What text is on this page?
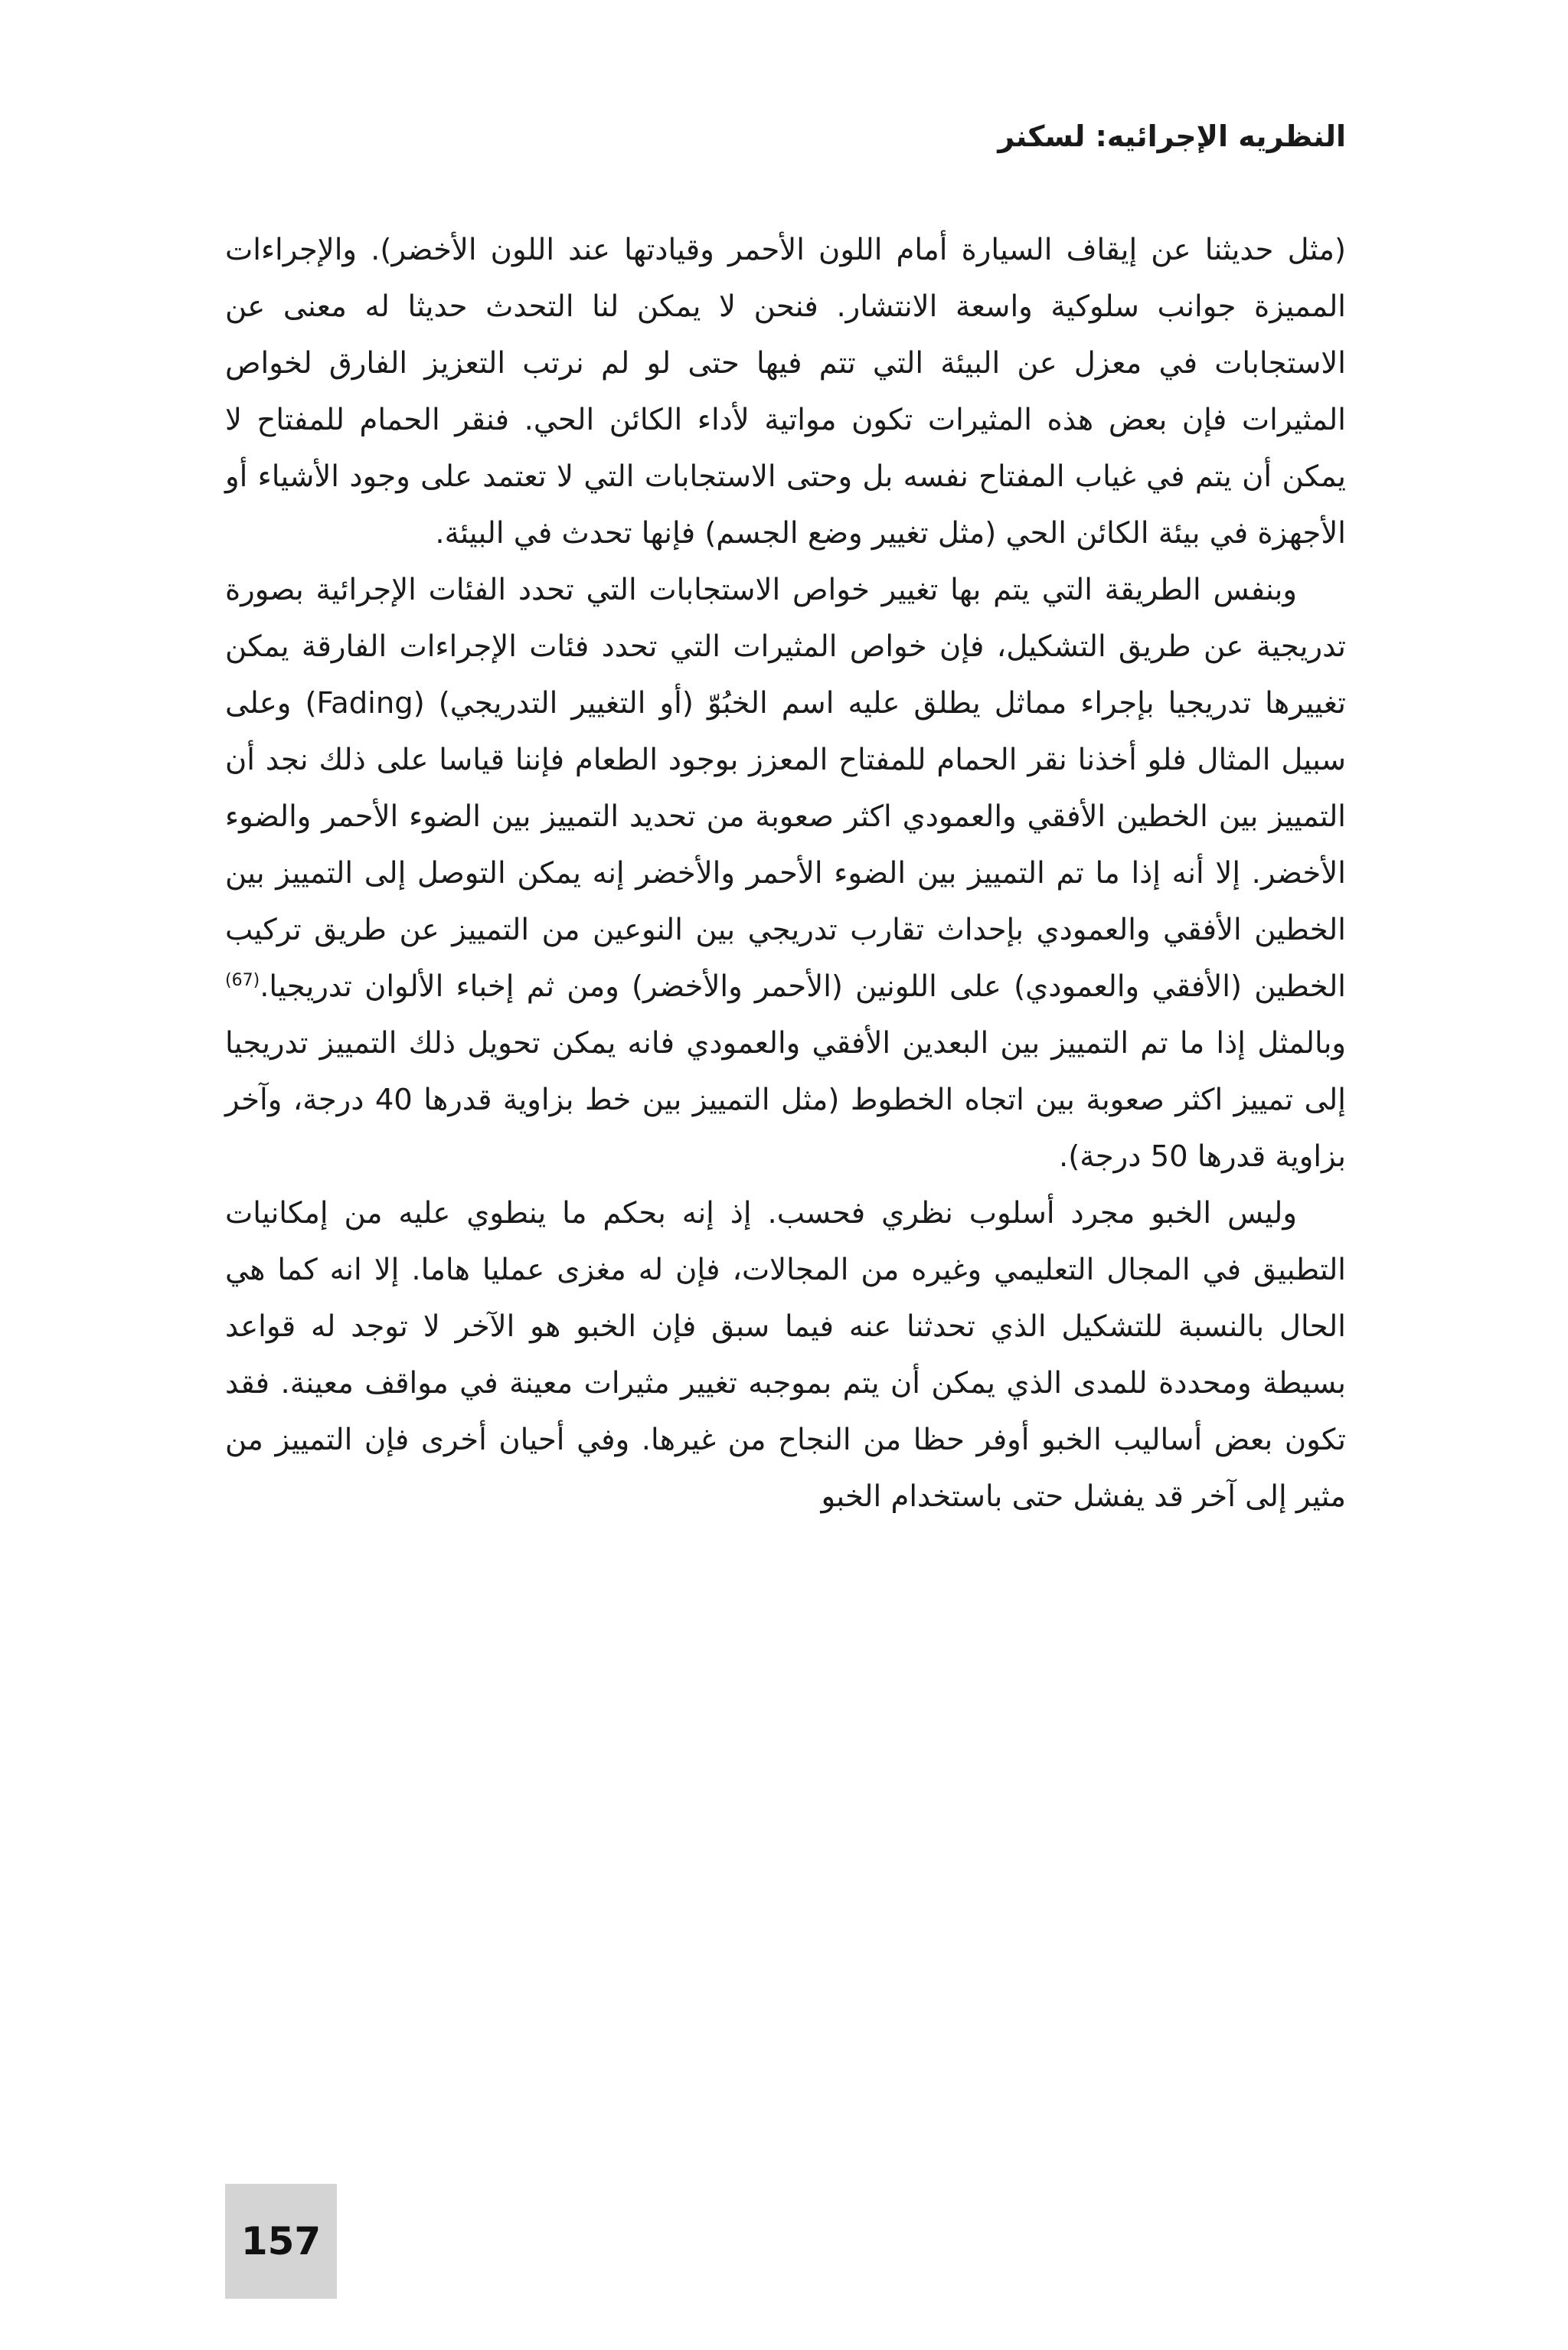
النظريه الإجرائيه: لسكنر

(مثل حديثنا عن إيقاف السيارة أمام اللون الأحمر وقيادتها عند اللون الأخضر). والإجراءات المميزة جوانب سلوكية واسعة الانتشار. فنحن لا يمكن لنا التحدث حديثا له معنى عن الاستجابات في معزل عن البيئة التي تتم فيها حتى لو لم نرتب التعزيز الفارق لخواص المثيرات فإن بعض هذه المثيرات تكون مواتية لأداء الكائن الحي. فنقر الحمام للمفتاح لا يمكن أن يتم في غياب المفتاح نفسه بل وحتى الاستجابات التي لا تعتمد على وجود الأشياء أو الأجهزة في بيئة الكائن الحي (مثل تغيير وضع الجسم) فإنها تحدث في البيئة.

وبنفس الطريقة التي يتم بها تغيير خواص الاستجابات التي تحدد الفئات الإجرائية بصورة تدريجية عن طريق التشكيل، فإن خواص المثيرات التي تحدد فئات الإجراءات الفارقة يمكن تغييرها تدريجيا بإجراء مماثل يطلق عليه اسم الخبُوّ (أو التغيير التدريجي) (Fading) وعلى سبيل المثال فلو أخذنا نقر الحمام للمفتاح المعزز بوجود الطعام فإننا قياسا على ذلك نجد أن التمييز بين الخطين الأفقي والعمودي اكثر صعوبة من تحديد التمييز بين الضوء الأحمر والضوء الأخضر. إلا أنه إذا ما تم التمييز بين الضوء الأحمر والأخضر إنه يمكن التوصل إلى التمييز بين الخطين الأفقي والعمودي بإحداث تقارب تدريجي بين النوعين من التمييز عن طريق تركيب الخطين (الأفقي والعمودي) على اللونين (الأحمر والأخضر) ومن ثم إخباء الألوان تدريجيا.$^{(67)}$ وبالمثل إذا ما تم التمييز بين البعدين الأفقي والعمودي فانه يمكن تحويل ذلك التمييز تدريجيا إلى تمييز اكثر صعوبة بين اتجاه الخطوط (مثل التمييز بين خط بزاوية قدرها 40 درجة، وآخر بزاوية قدرها 50 درجة).

وليس الخبو مجرد أسلوب نظري فحسب. إذ إنه بحكم ما ينطوي عليه من إمكانيات التطبيق في المجال التعليمي وغيره من المجالات، فإن له مغزى عمليا هاما. إلا انه كما هي الحال بالنسبة للتشكيل الذي تحدثنا عنه فيما سبق فإن الخبو هو الآخر لا توجد له قواعد بسيطة ومحددة للمدى الذي يمكن أن يتم بموجبه تغيير مثيرات معينة في مواقف معينة. فقد تكون بعض أساليب الخبو أوفر حظا من النجاح من غيرها. وفي أحيان أخرى فإن التمييز من مثير إلى آخر قد يفشل حتى باستخدام الخبو

157
